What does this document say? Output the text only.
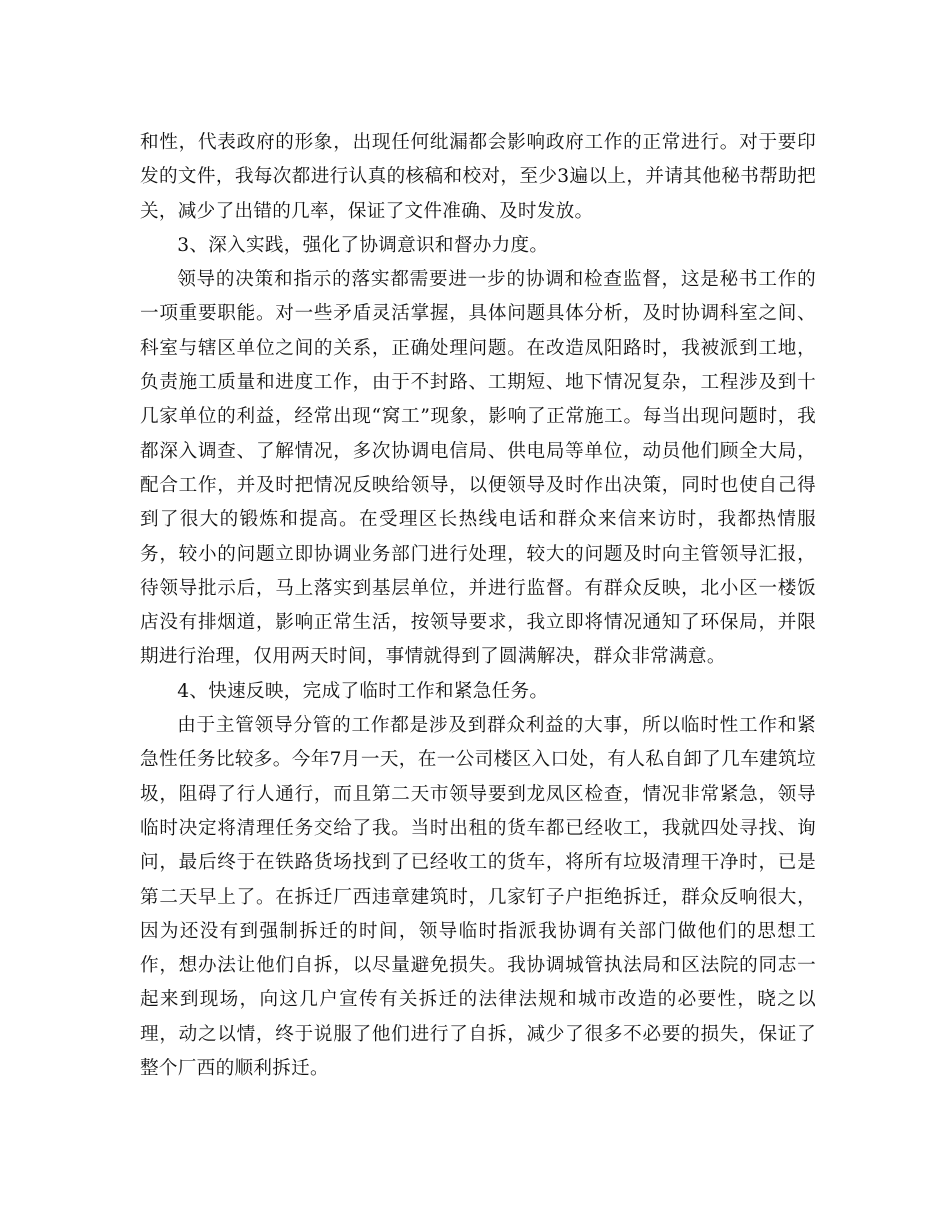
和性，代表政府的形象，出现任何纰漏都会影响政府工作的正常进行。对于要印发的文件，我每次都进行认真的核稿和校对，至少3遍以上，并请其他秘书帮助把关，减少了出错的几率，保证了文件准确、及时发放。

3、深入实践，强化了协调意识和督办力度。

领导的决策和指示的落实都需要进一步的协调和检查监督，这是秘书工作的一项重要职能。对一些矛盾灵活掌握，具体问题具体分析，及时协调科室之间、科室与辖区单位之间的关系，正确处理问题。在改造凤阳路时，我被派到工地，负责施工质量和进度工作，由于不封路、工期短、地下情况复杂，工程涉及到十几家单位的利益，经常出现“窝工”现象，影响了正常施工。每当出现问题时，我都深入调查、了解情况，多次协调电信局、供电局等单位，动员他们顾全大局，配合工作，并及时把情况反映给领导，以便领导及时作出决策，同时也使自己得到了很大的锻炼和提高。在受理区长热线电话和群众来信来访时，我都热情服务，较小的问题立即协调业务部门进行处理，较大的问题及时向主管领导汇报，待领导批示后，马上落实到基层单位，并进行监督。有群众反映，北小区一楼饭店没有排烟道，影响正常生活，按领导要求，我立即将情况通知了环保局，并限期进行治理，仅用两天时间，事情就得到了圆满解决，群众非常满意。

4、快速反映，完成了临时工作和紧急任务。

由于主管领导分管的工作都是涉及到群众利益的大事，所以临时性工作和紧急性任务比较多。今年7月一天，在一公司楼区入口处，有人私自卸了几车建筑垃圾，阻碍了行人通行，而且第二天市领导要到龙凤区检查，情况非常紧急，领导临时决定将清理任务交给了我。当时出租的货车都已经收工，我就四处寻找、询问，最后终于在铁路货场找到了已经收工的货车，将所有垃圾清理干净时，已是第二天早上了。在拆迁厂西违章建筑时，几家钉子户拒绝拆迁，群众反响很大，因为还没有到强制拆迁的时间，领导临时指派我协调有关部门做他们的思想工作，想办法让他们自拆，以尽量避免损失。我协调城管执法局和区法院的同志一起来到现场，向这几户宣传有关拆迁的法律法规和城市改造的必要性，晓之以理，动之以情，终于说服了他们进行了自拆，减少了很多不必要的损失，保证了整个厂西的顺利拆迁。
